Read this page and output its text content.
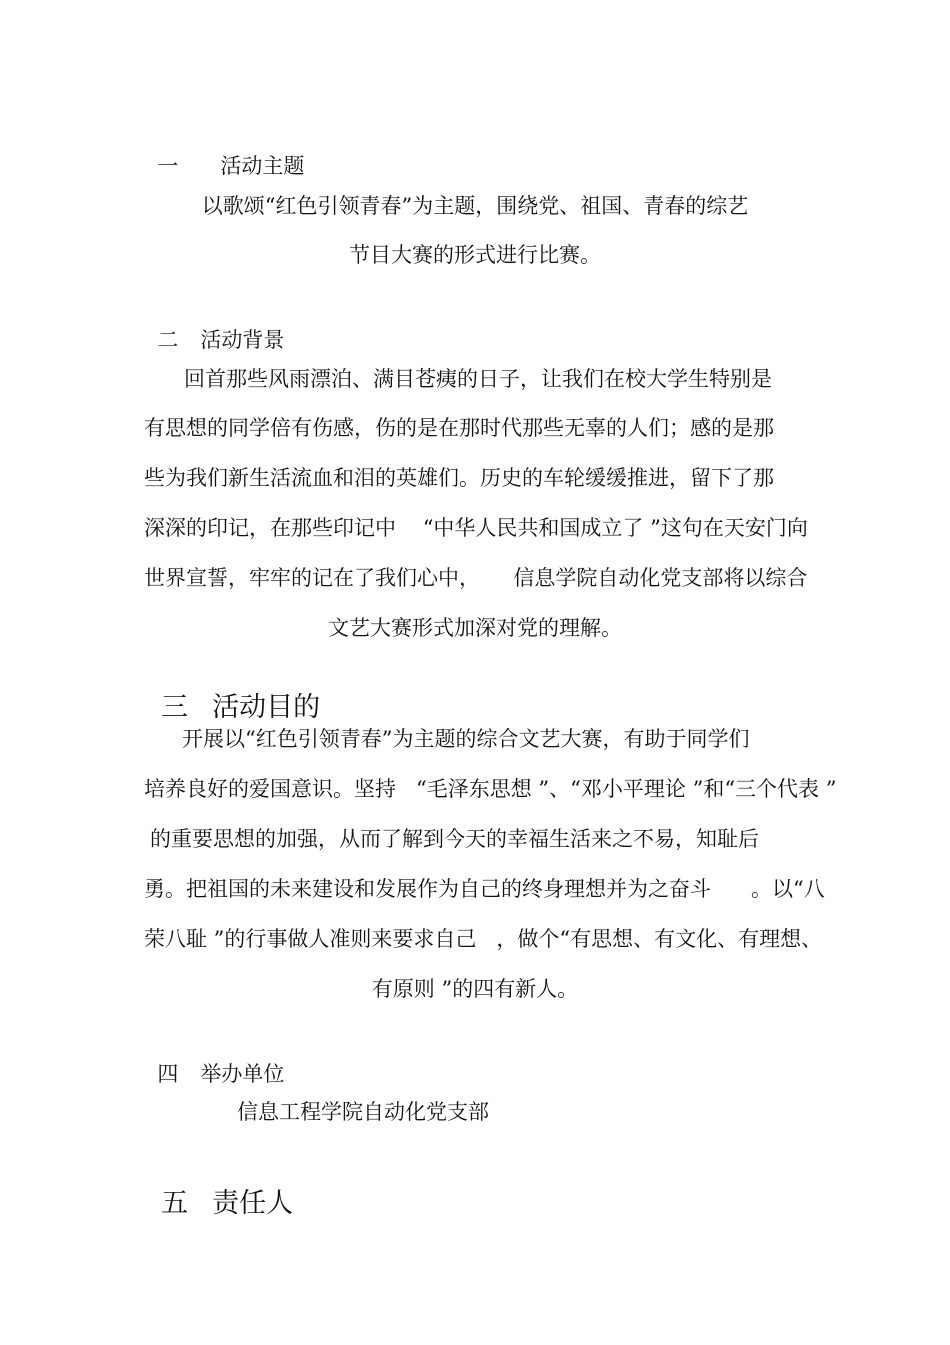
一 活动主题

以歌颂“红色引领青春”为主题，围绕党、祖国、青春的综艺
节目大赛的形式进行比赛。

二 活动背景

回首那些风雨漂泊、满目苍痍的日子，让我们在校大学生特别是
有思想的同学倍有伤感，伤的是在那时代那些无辜的人们；感的是那
些为我们新生活流血和泪的英雄们。历史的车轮缓缓推进，留下了那
深深的印记，在那些印记中    “中华人民共和国成立了 ”这句在天安门向
世界宣誓，牢牢的记在了我们心中，     信息学院自动化党支部将以综合
文艺大赛形式加深对党的理解。

三 活动目的

开展以“红色引领青春”为主题的综合文艺大赛，有助于同学们
培养良好的爱国意识。坚持   “毛泽东思想 ”、“邓小平理论 ”和“三个代表 ”
的重要思想的加强，从而了解到今天的幸福生活来之不易，知耻后
勇。把祖国的未来建设和发展作为自己的终身理想并为之奋斗      。以“八
荣八耻 ”的行事做人准则来要求自己   ，做个“有思想、有文化、有理想、
有原则 ”的四有新人。

四 举办单位

信息工程学院自动化党支部

五 责任人
